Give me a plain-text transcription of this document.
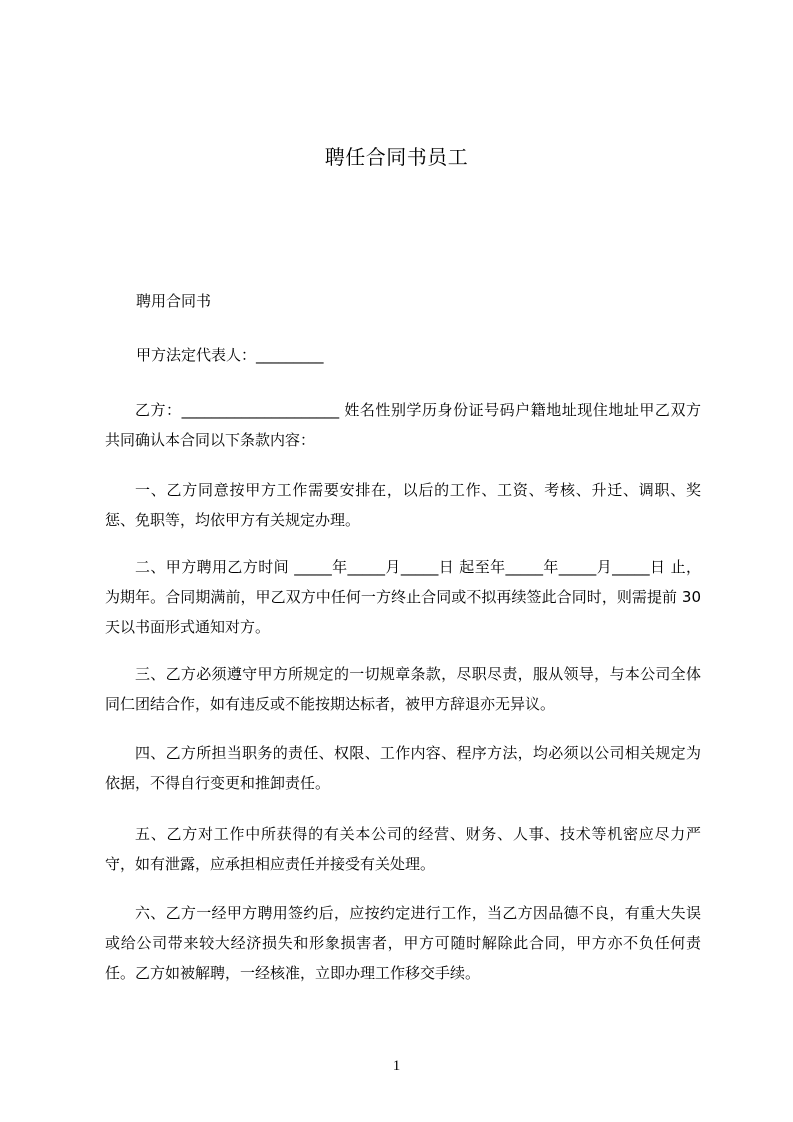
聘任合同书员工
聘用合同书
甲方法定代表人：_________
乙方：_____________________ 姓名性别学历身份证号码户籍地址现住地址甲乙双方共同确认本合同以下条款内容：
一、乙方同意按甲方工作需要安排在，以后的工作、工资、考核、升迁、调职、奖惩、免职等，均依甲方有关规定办理。
二、甲方聘用乙方时间 _____年_____月_____日 起至年_____年_____月_____日 止，为期年。合同期满前，甲乙双方中任何一方终止合同或不拟再续签此合同时，则需提前 30 天以书面形式通知对方。
三、乙方必须遵守甲方所规定的一切规章条款，尽职尽责，服从领导，与本公司全体同仁团结合作，如有违反或不能按期达标者，被甲方辞退亦无异议。
四、乙方所担当职务的责任、权限、工作内容、程序方法，均必须以公司相关规定为依据，不得自行变更和推卸责任。
五、乙方对工作中所获得的有关本公司的经营、财务、人事、技术等机密应尽力严守，如有泄露，应承担相应责任并接受有关处理。
六、乙方一经甲方聘用签约后，应按约定进行工作，当乙方因品德不良，有重大失误或给公司带来较大经济损失和形象损害者，甲方可随时解除此合同，甲方亦不负任何责任。乙方如被解聘，一经核准，立即办理工作移交手续。
1
